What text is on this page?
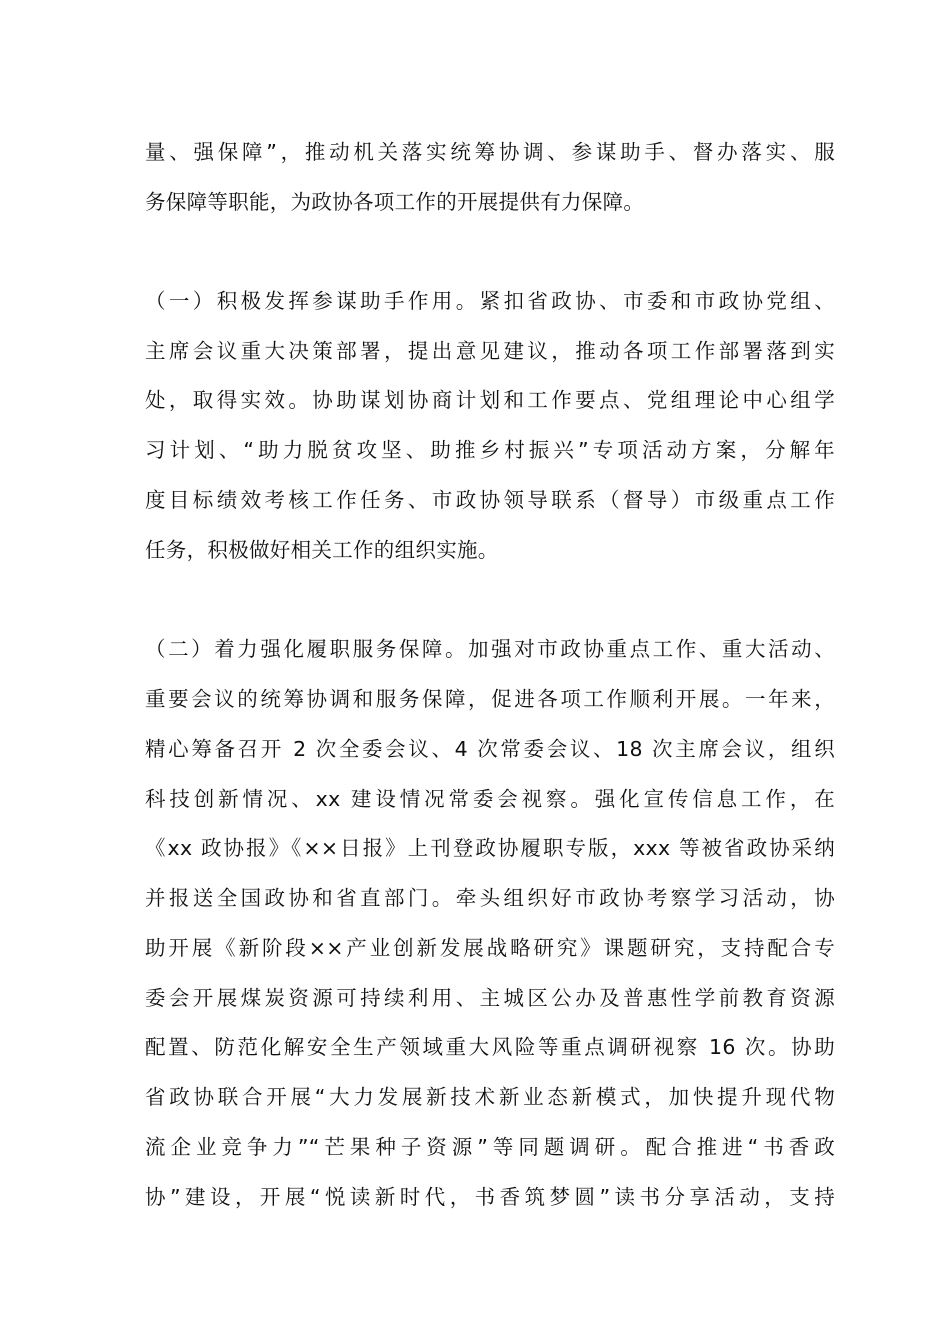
量、强保障”，推动机关落实统筹协调、参谋助手、督办落实、服
务保障等职能，为政协各项工作的开展提供有力保障。
（一）积极发挥参谋助手作用。紧扣省政协、市委和市政协党组、
主席会议重大决策部署，提出意见建议，推动各项工作部署落到实
处，取得实效。协助谋划协商计划和工作要点、党组理论中心组学
习计划、“助力脱贫攻坚、助推乡村振兴”专项活动方案，分解年
度目标绩效考核工作任务、市政协领导联系（督导）市级重点工作
任务，积极做好相关工作的组织实施。
（二）着力强化履职服务保障。加强对市政协重点工作、重大活动、
重要会议的统筹协调和服务保障，促进各项工作顺利开展。一年来，
精心筹备召开 2 次全委会议、4 次常委会议、18 次主席会议，组织
科技创新情况、xx 建设情况常委会视察。强化宣传信息工作，在
《xx 政协报》《××日报》上刊登政协履职专版，xxx 等被省政协采纳
并报送全国政协和省直部门。牵头组织好市政协考察学习活动，协
助开展《新阶段××产业创新发展战略研究》课题研究，支持配合专
委会开展煤炭资源可持续利用、主城区公办及普惠性学前教育资源
配置、防范化解安全生产领域重大风险等重点调研视察 16 次。协助
省政协联合开展“大力发展新技术新业态新模式，加快提升现代物
流企业竞争力”“芒果种子资源”等同题调研。配合推进“书香政
协”建设，开展“悦读新时代，书香筑梦圆”读书分享活动，支持
